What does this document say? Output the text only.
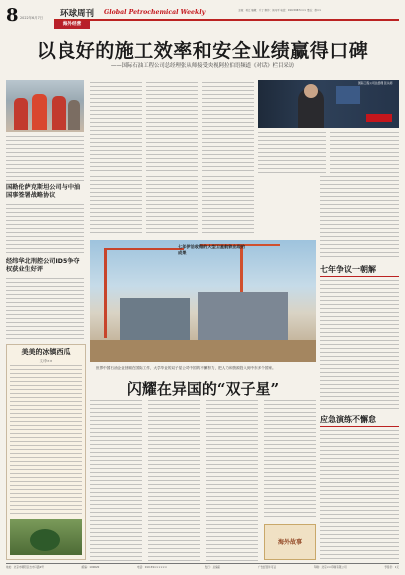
8 2022年6月7日 环球周刊 Global Petrochemical Weekly	主编：吴汇 编辑：王丁 制作：刘兆平 电话：010-5967××× 责任：徐××
海外经营
以良好的施工效率和安全业绩赢得口碑
——国际石油工程公司总经理张从师接受央视阿拉伯语频道《对话》栏目采访
国际工程公司总经理 张从师
国勘伦萨克斯坦公司与中油国事签署战略协议
经纬华北刑控公司ID5争夺权获业生好评
美美的冰镇西瓜
文/李××
七年伊洽收赔的大型卫星航铁出现的成果
七年争议一朝解
世界中国石油企业回顾在国际工作，大学毕业的双子星公司中国的不懈努力，把人力和资源投入到中东多个国家。
闪耀在异国的“双子星”
海外故事
应急演练不懈怠
地址：北京市朝阳区吉市口路9号	邮编：100020	电话：010-59××××××	发行：总编室	广告经营许可证	印刷：北京××印刷有限公司	零售价：1元
